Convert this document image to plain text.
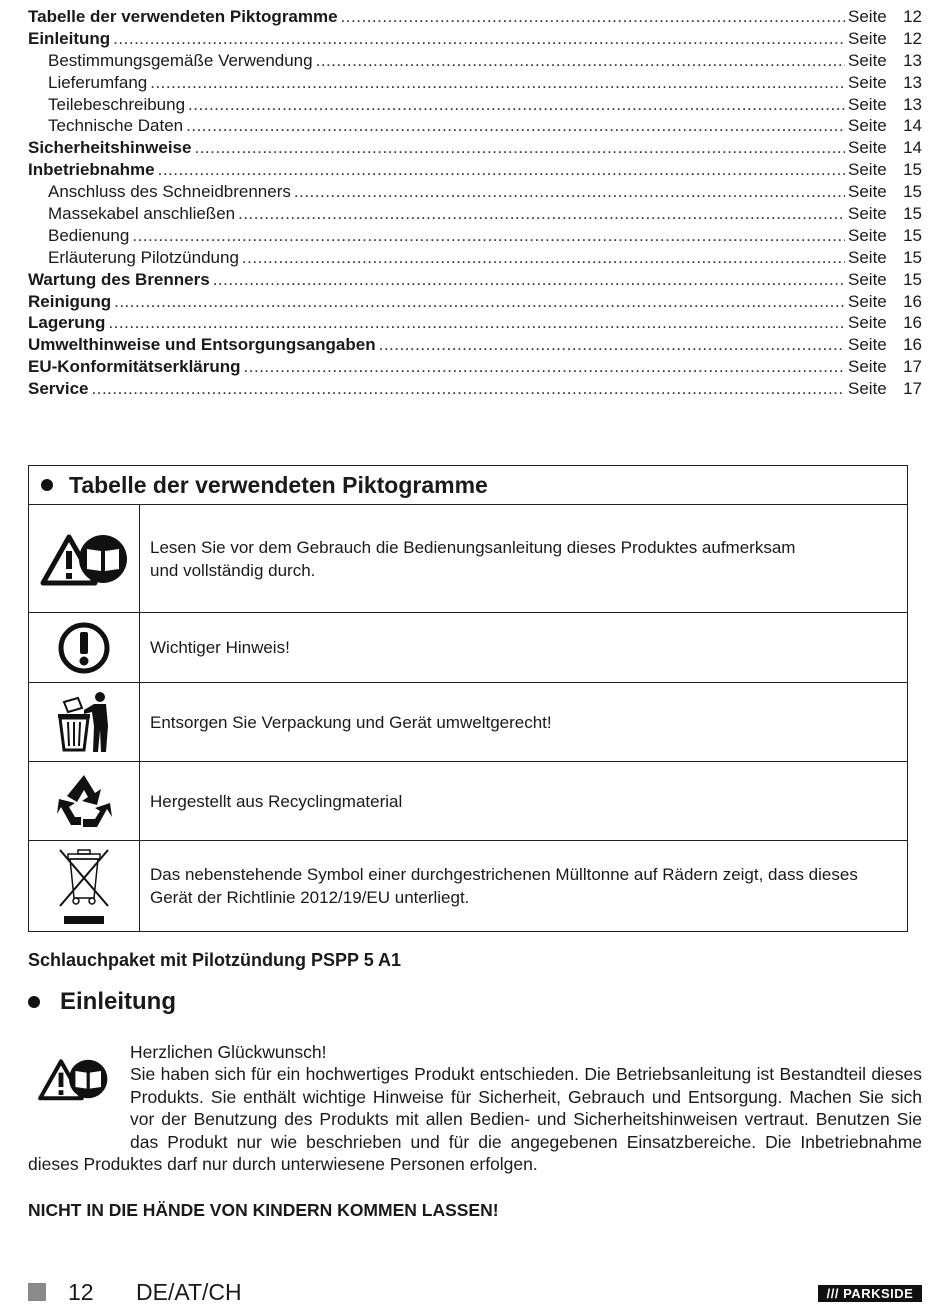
Tabelle der verwendeten Piktogramme .....	Seite 12
Einleitung .....	Seite 12
Bestimmungsgemäße Verwendung .....	Seite 13
Lieferumfang .....	Seite 13
Teilebeschreibung .....	Seite 13
Technische Daten .....	Seite 14
Sicherheitshinweise .....	Seite 14
Inbetriebnahme .....	Seite 15
Anschluss des Schneidbrenners .....	Seite 15
Massekabel anschließen .....	Seite 15
Bedienung .....	Seite 15
Erläuterung Pilotzündung .....	Seite 15
Wartung des Brenners .....	Seite 15
Reinigung .....	Seite 16
Lagerung .....	Seite 16
Umwelthinweise und Entsorgungsangaben .....	Seite 16
EU-Konformitätserklärung .....	Seite 17
Service .....	Seite 17
Tabelle der verwendeten Piktogramme
Lesen Sie vor dem Gebrauch die Bedienungsanleitung dieses Produktes aufmerksam
und vollständig durch.
Wichtiger Hinweis!
Entsorgen Sie Verpackung und Gerät umweltgerecht!
Hergestellt aus Recyclingmaterial
Das nebenstehende Symbol einer durchgestrichenen Mülltonne auf Rädern zeigt, dass dieses
Gerät der Richtlinie 2012/19/EU unterliegt.
Schlauchpaket mit Pilotzündung PSPP 5 A1
Einleitung
Herzlichen Glückwunsch!
Sie haben sich für ein hochwertiges Produkt entschieden. Die Betriebsanleitung ist Bestandteil dieses Produkts. Sie enthält wichtige Hinweise für Sicherheit, Gebrauch und Entsorgung. Machen Sie sich vor der Benutzung des Produkts mit allen Bedien- und Sicherheitshinweisen vertraut. Benutzen Sie das Produkt nur wie beschrieben und für die angegebenen Einsatzbereiche. Die Inbetriebnahme dieses Produktes darf nur durch unterwiesene Personen erfolgen.
NICHT IN DIE HÄNDE VON KINDERN KOMMEN LASSEN!
12 DE/AT/CH	/// PARKSIDE
